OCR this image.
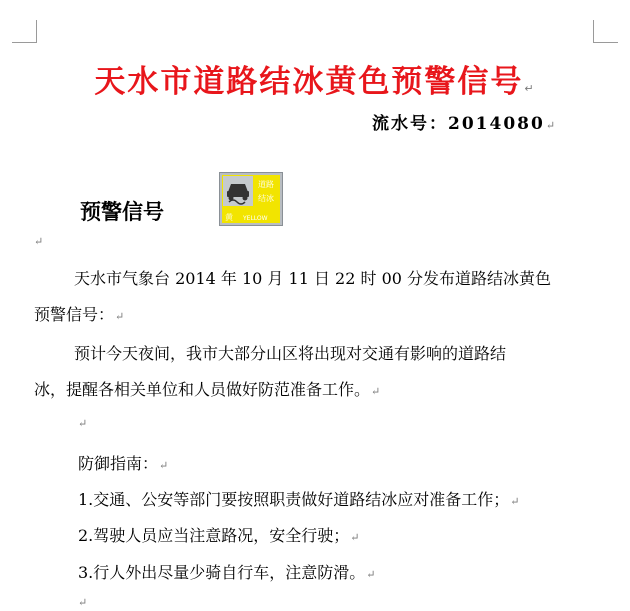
天水市道路结冰黄色预警信号↵
流水号：2014080↵
预警信号
道路
结冰
黄 YELLOW
↵
天水市气象台 2014 年 10 月 11 日 22 时 00 分发布道路结冰黄色
预警信号：↵
预计今天夜间，我市大部分山区将出现对交通有影响的道路结
冰，提醒各相关单位和人员做好防范准备工作。↵
↵
防御指南：↵
1.交通、公安等部门要按照职责做好道路结冰应对准备工作；↵
2.驾驶人员应当注意路况，安全行驶；↵
3.行人外出尽量少骑自行车，注意防滑。↵
↵
